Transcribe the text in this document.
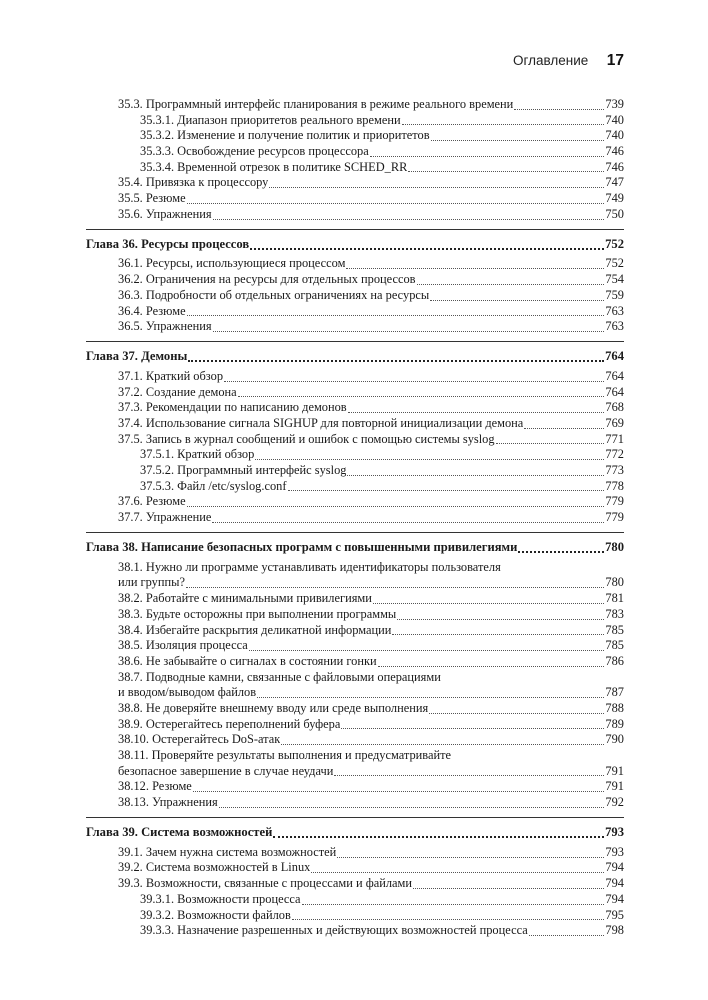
Оглавление 17
35.3. Программный интерфейс планирования в режиме реального времени	739
35.3.1. Диапазон приоритетов реального времени	740
35.3.2. Изменение и получение политик и приоритетов	740
35.3.3. Освобождение ресурсов процессора	746
35.3.4. Временной отрезок в политике SCHED_RR	746
35.4. Привязка к процессору	747
35.5. Резюме	749
35.6. Упражнения	750
Глава 36. Ресурсы процессов	752
36.1. Ресурсы, использующиеся процессом	752
36.2. Ограничения на ресурсы для отдельных процессов	754
36.3. Подробности об отдельных ограничениях на ресурсы	759
36.4. Резюме	763
36.5. Упражнения	763
Глава 37. Демоны	764
37.1. Краткий обзор	764
37.2. Создание демона	764
37.3. Рекомендации по написанию демонов	768
37.4. Использование сигнала SIGHUP для повторной инициализации демона	769
37.5. Запись в журнал сообщений и ошибок с помощью системы syslog	771
37.5.1. Краткий обзор	772
37.5.2. Программный интерфейс syslog	773
37.5.3. Файл /etc/syslog.conf	778
37.6. Резюме	779
37.7. Упражнение	779
Глава 38. Написание безопасных программ с повышенными привилегиями	780
38.1. Нужно ли программе устанавливать идентификаторы пользователя
или группы?	780
38.2. Работайте с минимальными привилегиями	781
38.3. Будьте осторожны при выполнении программы	783
38.4. Избегайте раскрытия деликатной информации	785
38.5. Изоляция процесса	785
38.6. Не забывайте о сигналах в состоянии гонки	786
38.7. Подводные камни, связанные с файловыми операциями
и вводом/выводом файлов	787
38.8. Не доверяйте внешнему вводу или среде выполнения	788
38.9. Остерегайтесь переполнений буфера	789
38.10. Остерегайтесь DoS-атак	790
38.11. Проверяйте результаты выполнения и предусматривайте
безопасное завершение в случае неудачи	791
38.12. Резюме	791
38.13. Упражнения	792
Глава 39. Система возможностей	793
39.1. Зачем нужна система возможностей	793
39.2. Система возможностей в Linux	794
39.3. Возможности, связанные с процессами и файлами	794
39.3.1. Возможности процесса	794
39.3.2. Возможности файлов	795
39.3.3. Назначение разрешенных и действующих возможностей процесса	798
